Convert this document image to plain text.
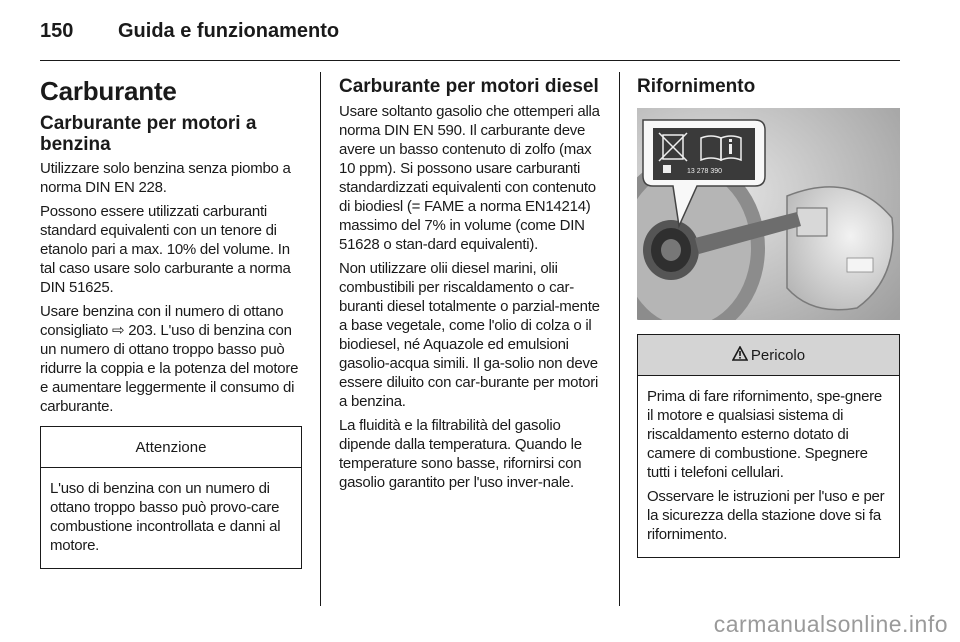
150 Guida e funzionamento
Carburante
Carburante per motori a benzina

Utilizzare solo benzina senza piombo a norma DIN EN 228.

Possono essere utilizzati carburanti standard equivalenti con un tenore di etanolo pari a max. 10% del volume. In tal caso usare solo carburante a norma DIN 51625.

Usare benzina con il numero di ottano consigliato ⇨ 203. L'uso di benzina con un numero di ottano troppo basso può ridurre la coppia e la potenza del motore e aumentare leggermente il consumo di carburante.

Attenzione

L'uso di benzina con un numero di ottano troppo basso può provo-care combustione incontrollata e danni al motore.

Carburante per motori diesel

Usare soltanto gasolio che ottemperi alla norma DIN EN 590. Il carburante deve avere un basso contenuto di zolfo (max 10 ppm). Si possono usare carburanti standardizzati equivalenti con contenuto di biodiesl (= FAME a norma EN14214) massimo del 7% in volume (come DIN 51628 o stan-dard equivalenti).

Non utilizzare olii diesel marini, olii combustibili per riscaldamento o car-buranti diesel totalmente o parzial-mente a base vegetale, come l'olio di colza o il biodiesel, né Aquazole ed emulsioni gasolio-acqua simili. Il ga-solio non deve essere diluito con car-burante per motori a benzina.

La fluidità e la filtrabilità del gasolio dipende dalla temperatura. Quando le temperature sono basse, rifornirsi con gasolio garantito per l'uso inver-nale.

Rifornimento
13 278 390
Pericolo

Prima di fare rifornimento, spe-gnere il motore e qualsiasi sistema di riscaldamento esterno dotato di camere di combustione. Spegnere tutti i telefoni cellulari.

Osservare le istruzioni per l'uso e per la sicurezza della stazione dove si fa rifornimento.

carmanualsonline.info
